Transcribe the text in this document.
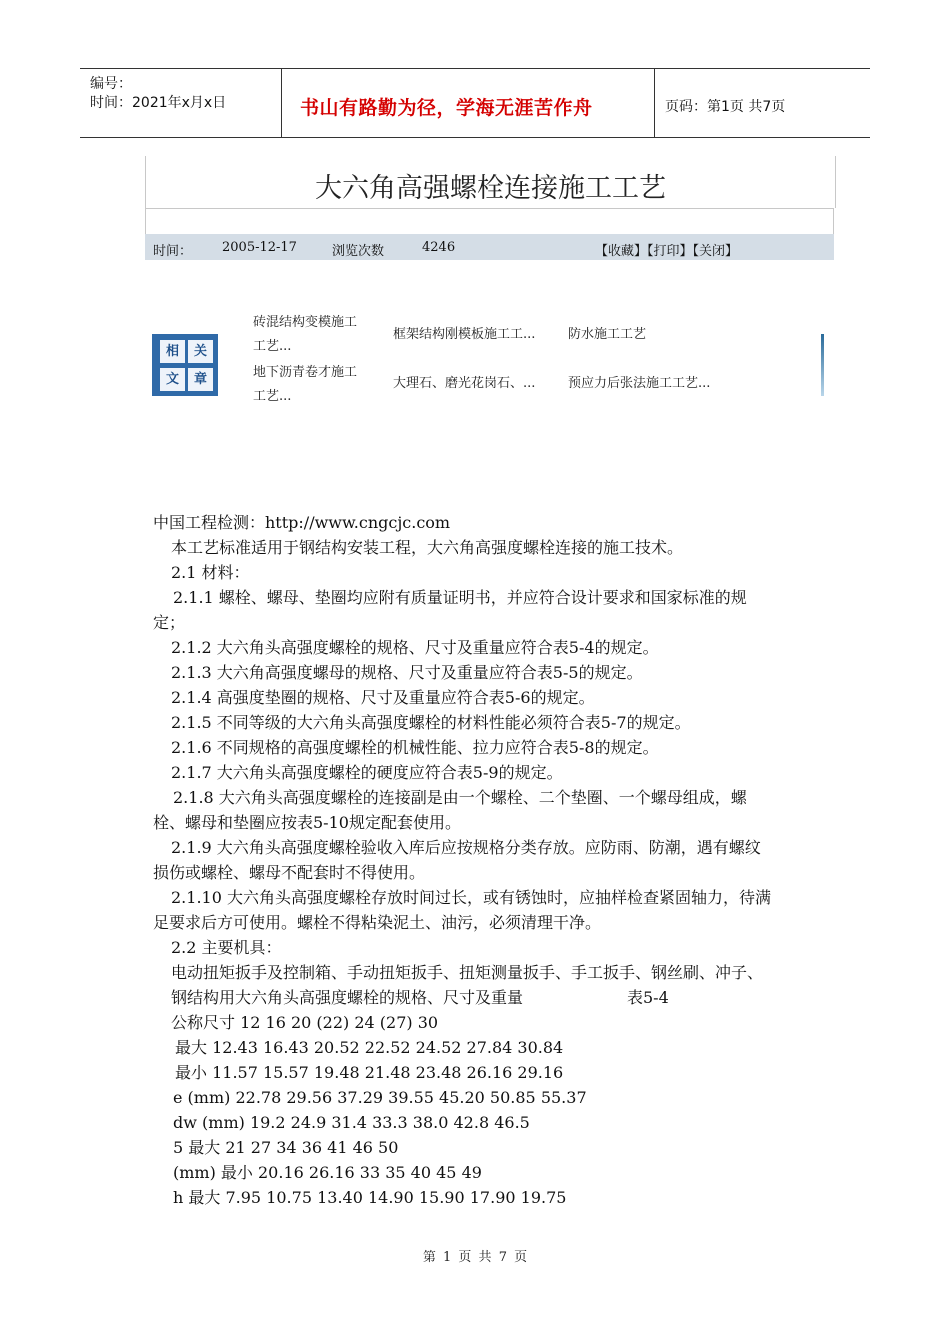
编号：
时间：2021年x月x日	书山有路勤为径，学海无涯苦作舟	页码：第1页 共7页
大六角高强螺栓连接施工工艺
时间： 2005-12-17	浏览次数	4246	【收藏】【打印】【关闭】
相	关
文	章
砖混结构变模施工
工艺...
框架结构刚模板施工工...	防水施工工艺
地下沥青卷才施工
工艺...
大理石、磨光花岗石、...	预应力后张法施工工艺...
中国工程检测：http://www.cngcjc.com
本工艺标准适用于钢结构安装工程，大六角高强度螺栓连接的施工技术。
2.1 材料：
2.1.1 螺栓、螺母、垫圈均应附有质量证明书，并应符合设计要求和国家标准的规
定；
2.1.2 大六角头高强度螺栓的规格、尺寸及重量应符合表5-4的规定。
2.1.3 大六角高强度螺母的规格、尺寸及重量应符合表5-5的规定。
2.1.4 高强度垫圈的规格、尺寸及重量应符合表5-6的规定。
2.1.5 不同等级的大六角头高强度螺栓的材料性能必须符合表5-7的规定。
2.1.6 不同规格的高强度螺栓的机械性能、拉力应符合表5-8的规定。
2.1.7 大六角头高强度螺栓的硬度应符合表5-9的规定。
2.1.8 大六角头高强度螺栓的连接副是由一个螺栓、二个垫圈、一个螺母组成，螺
栓、螺母和垫圈应按表5-10规定配套使用。
2.1.9 大六角头高强度螺栓验收入库后应按规格分类存放。应防雨、防潮，遇有螺纹
损伤或螺栓、螺母不配套时不得使用。
2.1.10 大六角头高强度螺栓存放时间过长，或有锈蚀时，应抽样检查紧固轴力，待满
足要求后方可使用。螺栓不得粘染泥土、油污，必须清理干净。
2.2 主要机具：
电动扭矩扳手及控制箱、手动扭矩扳手、扭矩测量扳手、手工扳手、钢丝刷、冲子、
钢结构用大六角头高强度螺栓的规格、尺寸及重量	表5-4
公称尺寸 12 16 20 (22) 24 (27) 30
最大 12.43 16.43 20.52 22.52 24.52 27.84 30.84
最小 11.57 15.57 19.48 21.48 23.48 26.16 29.16
e (mm) 22.78 29.56 37.29 39.55 45.20 50.85 55.37
dw (mm) 19.2 24.9 31.4 33.3 38.0 42.8 46.5
5 最大 21 27 34 36 41 46 50
(mm) 最小 20.16 26.16 33 35 40 45 49
h 最大 7.95 10.75 13.40 14.90 15.90 17.90 19.75
第 1 页 共 7 页
